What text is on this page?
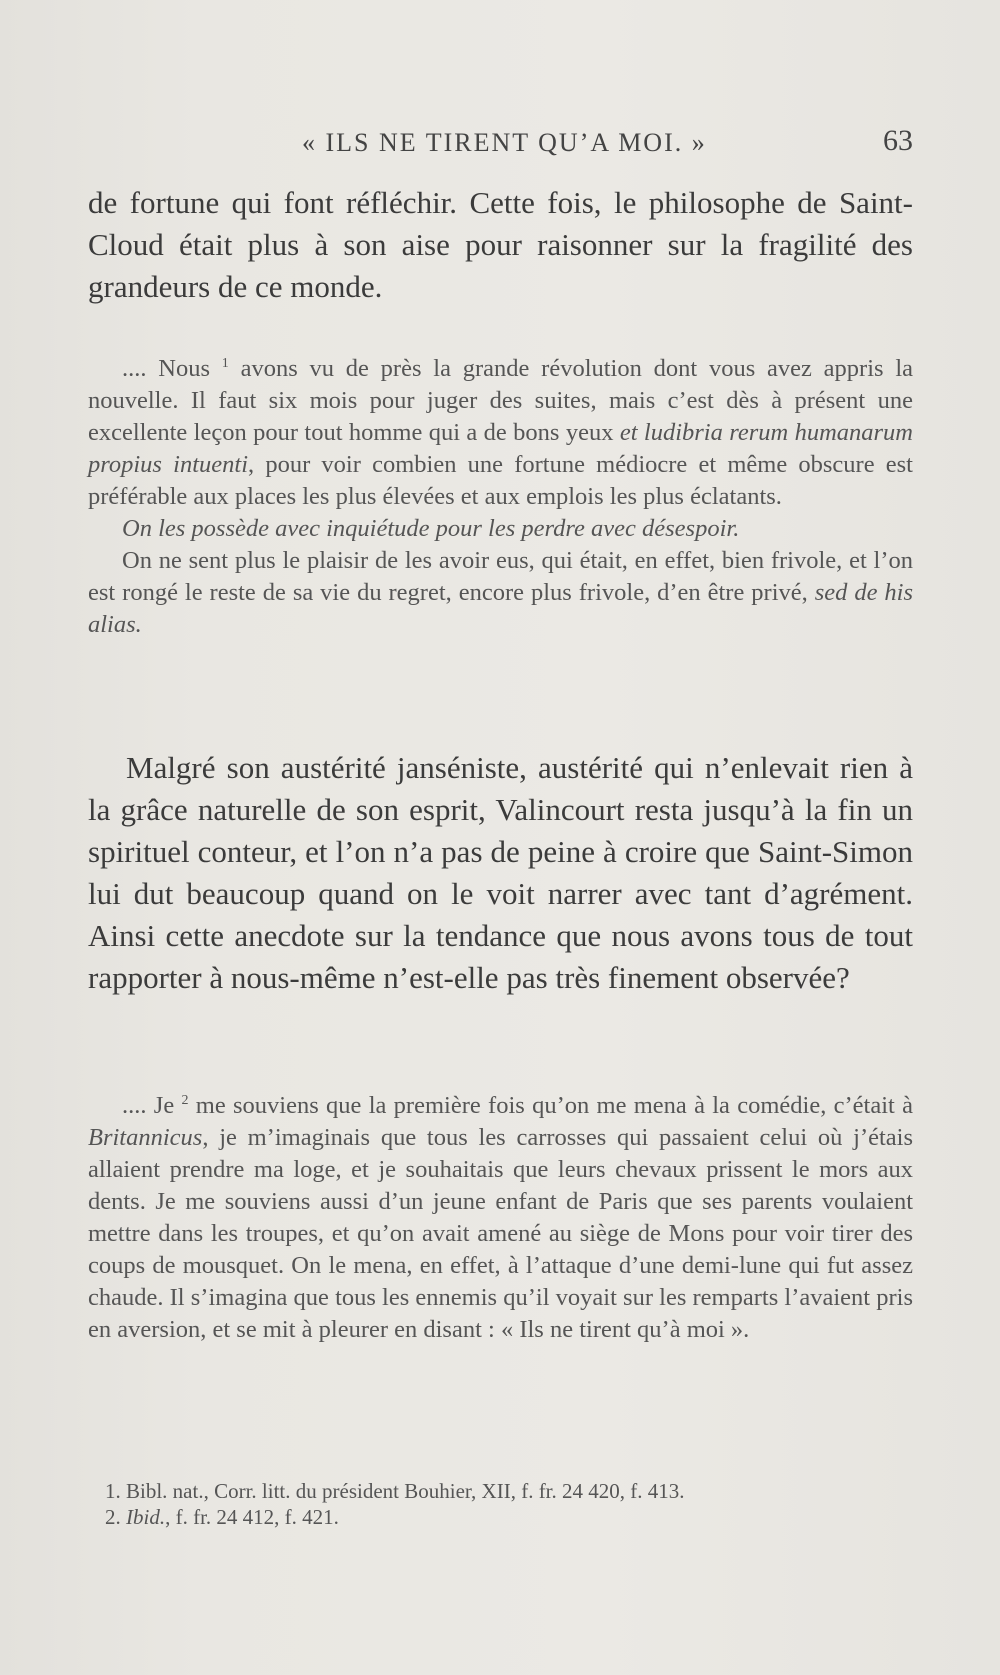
« ILS NE TIRENT QU’A MOI. »	63

de fortune qui font réfléchir. Cette fois, le philosophe de Saint-Cloud était plus à son aise pour raisonner sur la fragilité des grandeurs de ce monde.

.... Nous $^1$ avons vu de près la grande révolution dont vous avez appris la nouvelle. Il faut six mois pour juger des suites, mais c’est dès à présent une excellente leçon pour tout homme qui a de bons yeux et ludibria rerum humanarum propius intuenti, pour voir combien une fortune médiocre et même obscure est préférable aux places les plus élevées et aux emplois les plus éclatants.
On les possède avec inquiétude pour les perdre avec désespoir.
On ne sent plus le plaisir de les avoir eus, qui était, en effet, bien frivole, et l’on est rongé le reste de sa vie du regret, encore plus frivole, d’en être privé, sed de his alias.

Malgré son austérité janséniste, austérité qui n’enlevait rien à la grâce naturelle de son esprit, Valincourt resta jusqu’à la fin un spirituel conteur, et l’on n’a pas de peine à croire que Saint-Simon lui dut beaucoup quand on le voit narrer avec tant d’agrément. Ainsi cette anecdote sur la tendance que nous avons tous de tout rapporter à nous-même n’est-elle pas très finement observée?

.... Je $^2$ me souviens que la première fois qu’on me mena à la comédie, c’était à Britannicus, je m’imaginais que tous les carrosses qui passaient celui où j’étais allaient prendre ma loge, et je souhaitais que leurs chevaux prissent le mors aux dents. Je me souviens aussi d’un jeune enfant de Paris que ses parents voulaient mettre dans les troupes, et qu’on avait amené au siège de Mons pour voir tirer des coups de mousquet. On le mena, en effet, à l’attaque d’une demi-lune qui fut assez chaude. Il s’imagina que tous les ennemis qu’il voyait sur les remparts l’avaient pris en aversion, et se mit à pleurer en disant : « Ils ne tirent qu’à moi ».
1. Bibl. nat., Corr. litt. du président Bouhier, XII, f. fr. 24 420, f. 413.
2. Ibid., f. fr. 24 412, f. 421.
